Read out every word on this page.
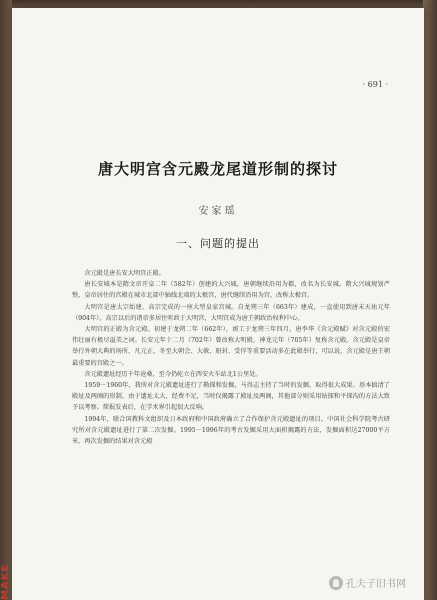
MAKE
· 691 ·
唐大明宫含元殿龙尾道形制的探讨
安家瑶
一、问题的提出

含元殿是唐长安大明宫正殿。

唐长安城本是隋文帝开皇二年（582年）创建的大兴城，唐朝继续沿用为都，改名为长安城。隋大兴城规划严整，皇帝居住的宫殿在城市北部中轴线北端的太极宫，唐代继续沿用为宫，改称太极宫。

大明宫是唐太宗始建、高宗完成的一座大型皇家宫城。自龙朔三年（663年）建成，一直使用到唐末天祐元年（904年）。高宗以后的诸帝多居住听政于大明宫，大明宫成为唐王朝政治权利中心。

大明宫的正殿为含元殿。初建于龙朔二年（662年），竣工于龙朔三年四月。唐李华《含元殿赋》对含元殿的宏伟壮丽有极尽溢美之词。长安元年十二月（702年）曾改称大明殿，神龙元年（705年）复称含元殿。含元殿是皇帝举行外朝大典的场所，凡元正、冬至大朝会、大赦、册封、受俘等重要活动多在此殿举行，可以说，含元殿是唐王朝最重要的宫殿之一。

含元殿遗址经历千年沧桑，至今仍屹立在西安火车站北1公里处。

1959－1960年，我所对含元殿遗址进行了勘探和发掘，马得志主持了当时的发掘，取得很大成果。基本搞清了殿址及两阁的形制，由于遗址太大，经费不足，当时仅揭露了殿址及两阁，其他部分则采用钻探和平探沟的方法大致予以考察。简报发表后，在学术界引起很大反响。

1994年，联合国教科文组织及日本政府和中国政府确立了合作保护含元殿遗址的项目。中国社会科学院考古研究所对含元殿遗址进行了第二次发掘。1995－1996年的考古发掘采用大面积揭露的方法，发掘面积达27000平方米，再次发掘的结果对含元殿

孔夫子旧书网
